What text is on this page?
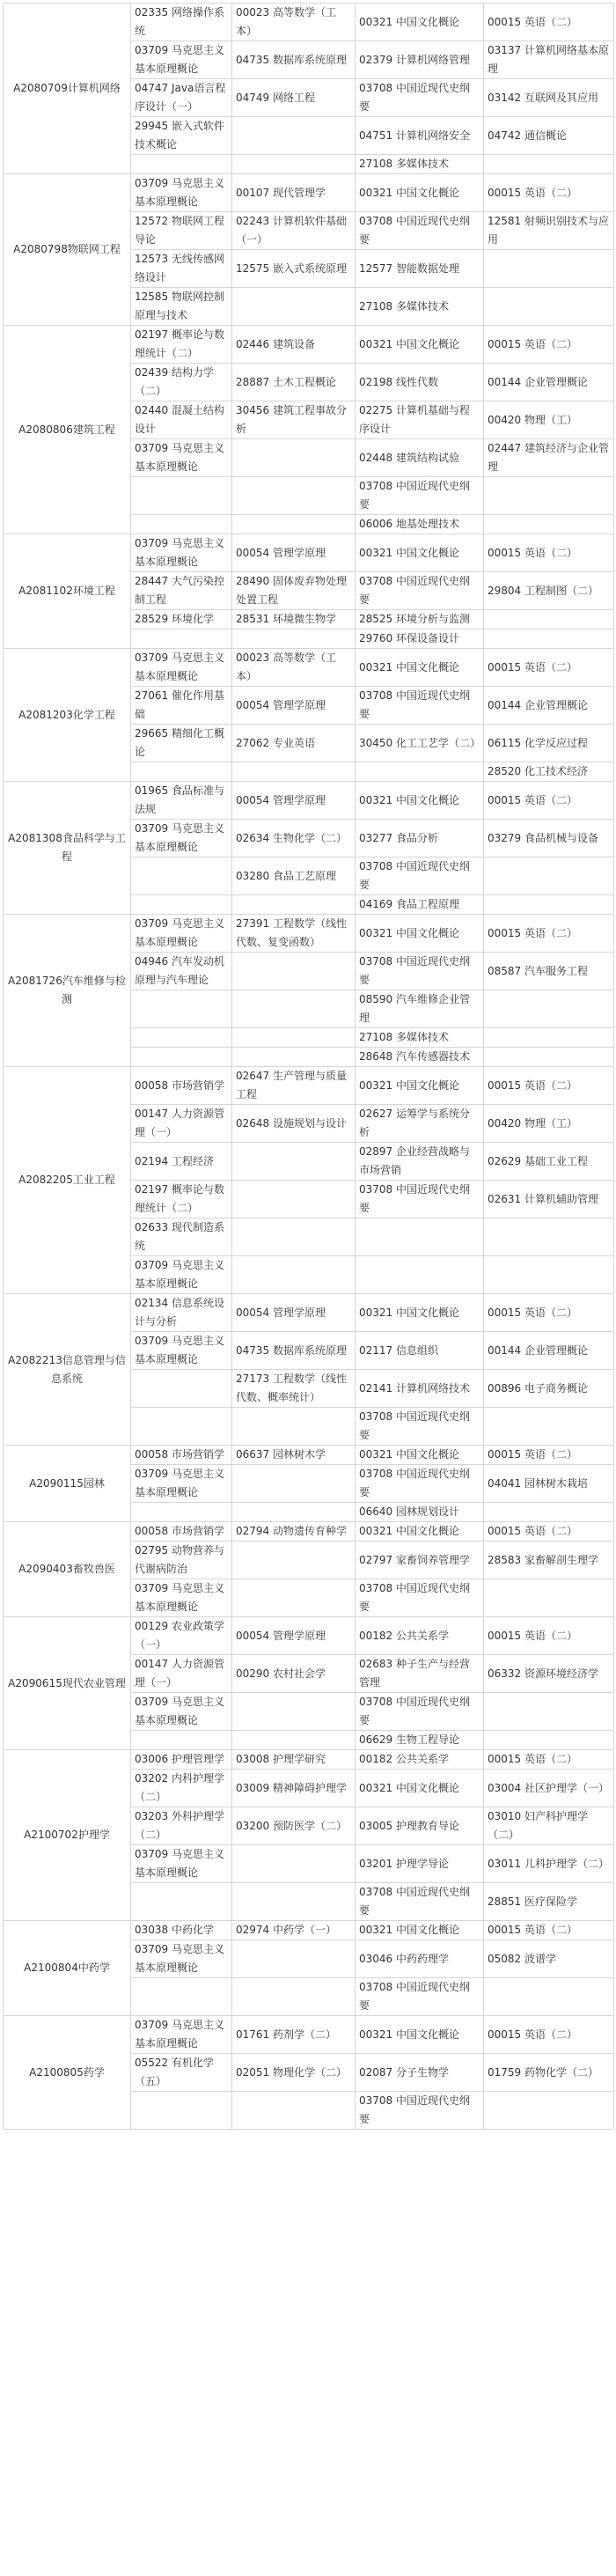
A2080709计算机网络	02335 网络操作系统	00023 高等数学（工本）	00321 中国文化概论	00015 英语（二）
	03709 马克思主义基本原理概论	04735 数据库系统原理	02379 计算机网络管理	03137 计算机网络基本原理
	04747 Java语言程序设计（一）	04749 网络工程	03708 中国近现代史纲要	03142 互联网及其应用
	29945 嵌入式软件技术概论		04751 计算机网络安全	04742 通信概论
			27108 多媒体技术	
A2080798物联网工程	03709 马克思主义基本原理概论	00107 现代管理学	00321 中国文化概论	00015 英语（二）
	12572 物联网工程导论	02243 计算机软件基础（一）	03708 中国近现代史纲要	12581 射频识别技术与应用
	12573 无线传感网络设计	12575 嵌入式系统原理	12577 智能数据处理	
	12585 物联网控制原理与技术		27108 多媒体技术	
A2080806建筑工程	02197 概率论与数理统计（二）	02446 建筑设备	00321 中国文化概论	00015 英语（二）
	02439 结构力学（二）	28887 土木工程概论	02198 线性代数	00144 企业管理概论
	02440 混凝土结构设计	30456 建筑工程事故分析	02275 计算机基础与程序设计	00420 物理（工）
	03709 马克思主义基本原理概论		02448 建筑结构试验	02447 建筑经济与企业管理
			03708 中国近现代史纲要	
			06006 地基处理技术	
A2081102环境工程	03709 马克思主义基本原理概论	00054 管理学原理	00321 中国文化概论	00015 英语（二）
	28447 大气污染控制工程	28490 固体废弃物处理处置工程	03708 中国近现代史纲要	29804 工程制图（二）
	28529 环境化学	28531 环境微生物学	28525 环境分析与监测	
			29760 环保设备设计	
A2081203化学工程	03709 马克思主义基本原理概论	00023 高等数学（工本）	00321 中国文化概论	00015 英语（二）
	27061 催化作用基础	00054 管理学原理	03708 中国近现代史纲要	00144 企业管理概论
	29665 精细化工概论	27062 专业英语	30450 化工工艺学（二）	06115 化学反应过程
				28520 化工技术经济
A2081308食品科学与工程	01965 食品标准与法规	00054 管理学原理	00321 中国文化概论	00015 英语（二）
	03709 马克思主义基本原理概论	02634 生物化学（二）	03277 食品分析	03279 食品机械与设备
		03280 食品工艺原理	03708 中国近现代史纲要	
			04169 食品工程原理	
A2081726汽车维修与检测	03709 马克思主义基本原理概论	27391 工程数学（线性代数、复变函数）	00321 中国文化概论	00015 英语（二）
	04946 汽车发动机原理与汽车理论		03708 中国近现代史纲要	08587 汽车服务工程
			08590 汽车维修企业管理	
			27108 多媒体技术	
			28648 汽车传感器技术	
A2082205工业工程	00058 市场营销学	02647 生产管理与质量工程	00321 中国文化概论	00015 英语（二）
	00147 人力资源管理（一）	02648 设施规划与设计	02627 运筹学与系统分析	00420 物理（工）
	02194 工程经济		02897 企业经营战略与市场营销	02629 基础工业工程
	02197 概率论与数理统计（二）		03708 中国近现代史纲要	02631 计算机辅助管理
	02633 现代制造系统			
	03709 马克思主义基本原理概论			
A2082213信息管理与信息系统	02134 信息系统设计与分析	00054 管理学原理	00321 中国文化概论	00015 英语（二）
	03709 马克思主义基本原理概论	04735 数据库系统原理	02117 信息组织	00144 企业管理概论
		27173 工程数学（线性代数、概率统计）	02141 计算机网络技术	00896 电子商务概论
			03708 中国近现代史纲要	
A2090115园林	00058 市场营销学	06637 园林树木学	00321 中国文化概论	00015 英语（二）
	03709 马克思主义基本原理概论		03708 中国近现代史纲要	04041 园林树木栽培
			06640 园林规划设计	
A2090403畜牧兽医	00058 市场营销学	02794 动物遗传育种学	00321 中国文化概论	00015 英语（二）
	02795 动物营养与代谢病防治		02797 家畜饲养管理学	28583 家畜解剖生理学
	03709 马克思主义基本原理概论		03708 中国近现代史纲要	
A2090615现代农业管理	00129 农业政策学（一）	00054 管理学原理	00182 公共关系学	00015 英语（二）
	00147 人力资源管理（一）	00290 农村社会学	02683 种子生产与经营管理	06332 资源环境经济学
	03709 马克思主义基本原理概论		03708 中国近现代史纲要	
			06629 生物工程导论	
A2100702护理学	03006 护理管理学	03008 护理学研究	00182 公共关系学	00015 英语（二）
	03202 内科护理学（二）	03009 精神障碍护理学	00321 中国文化概论	03004 社区护理学（一）
	03203 外科护理学（二）	03200 预防医学（二）	03005 护理教育导论	03010 妇产科护理学（二）
	03709 马克思主义基本原理概论		03201 护理学导论	03011 儿科护理学（二）
			03708 中国近现代史纲要	28851 医疗保险学
A2100804中药学	03038 中药化学	02974 中药学（一）	00321 中国文化概论	00015 英语（二）
	03709 马克思主义基本原理概论		03046 中药药理学	05082 波谱学
			03708 中国近现代史纲要	
A2100805药学	03709 马克思主义基本原理概论	01761 药剂学（二）	00321 中国文化概论	00015 英语（二）
	05522 有机化学（五）	02051 物理化学（二）	02087 分子生物学	01759 药物化学（二）
			03708 中国近现代史纲要	
